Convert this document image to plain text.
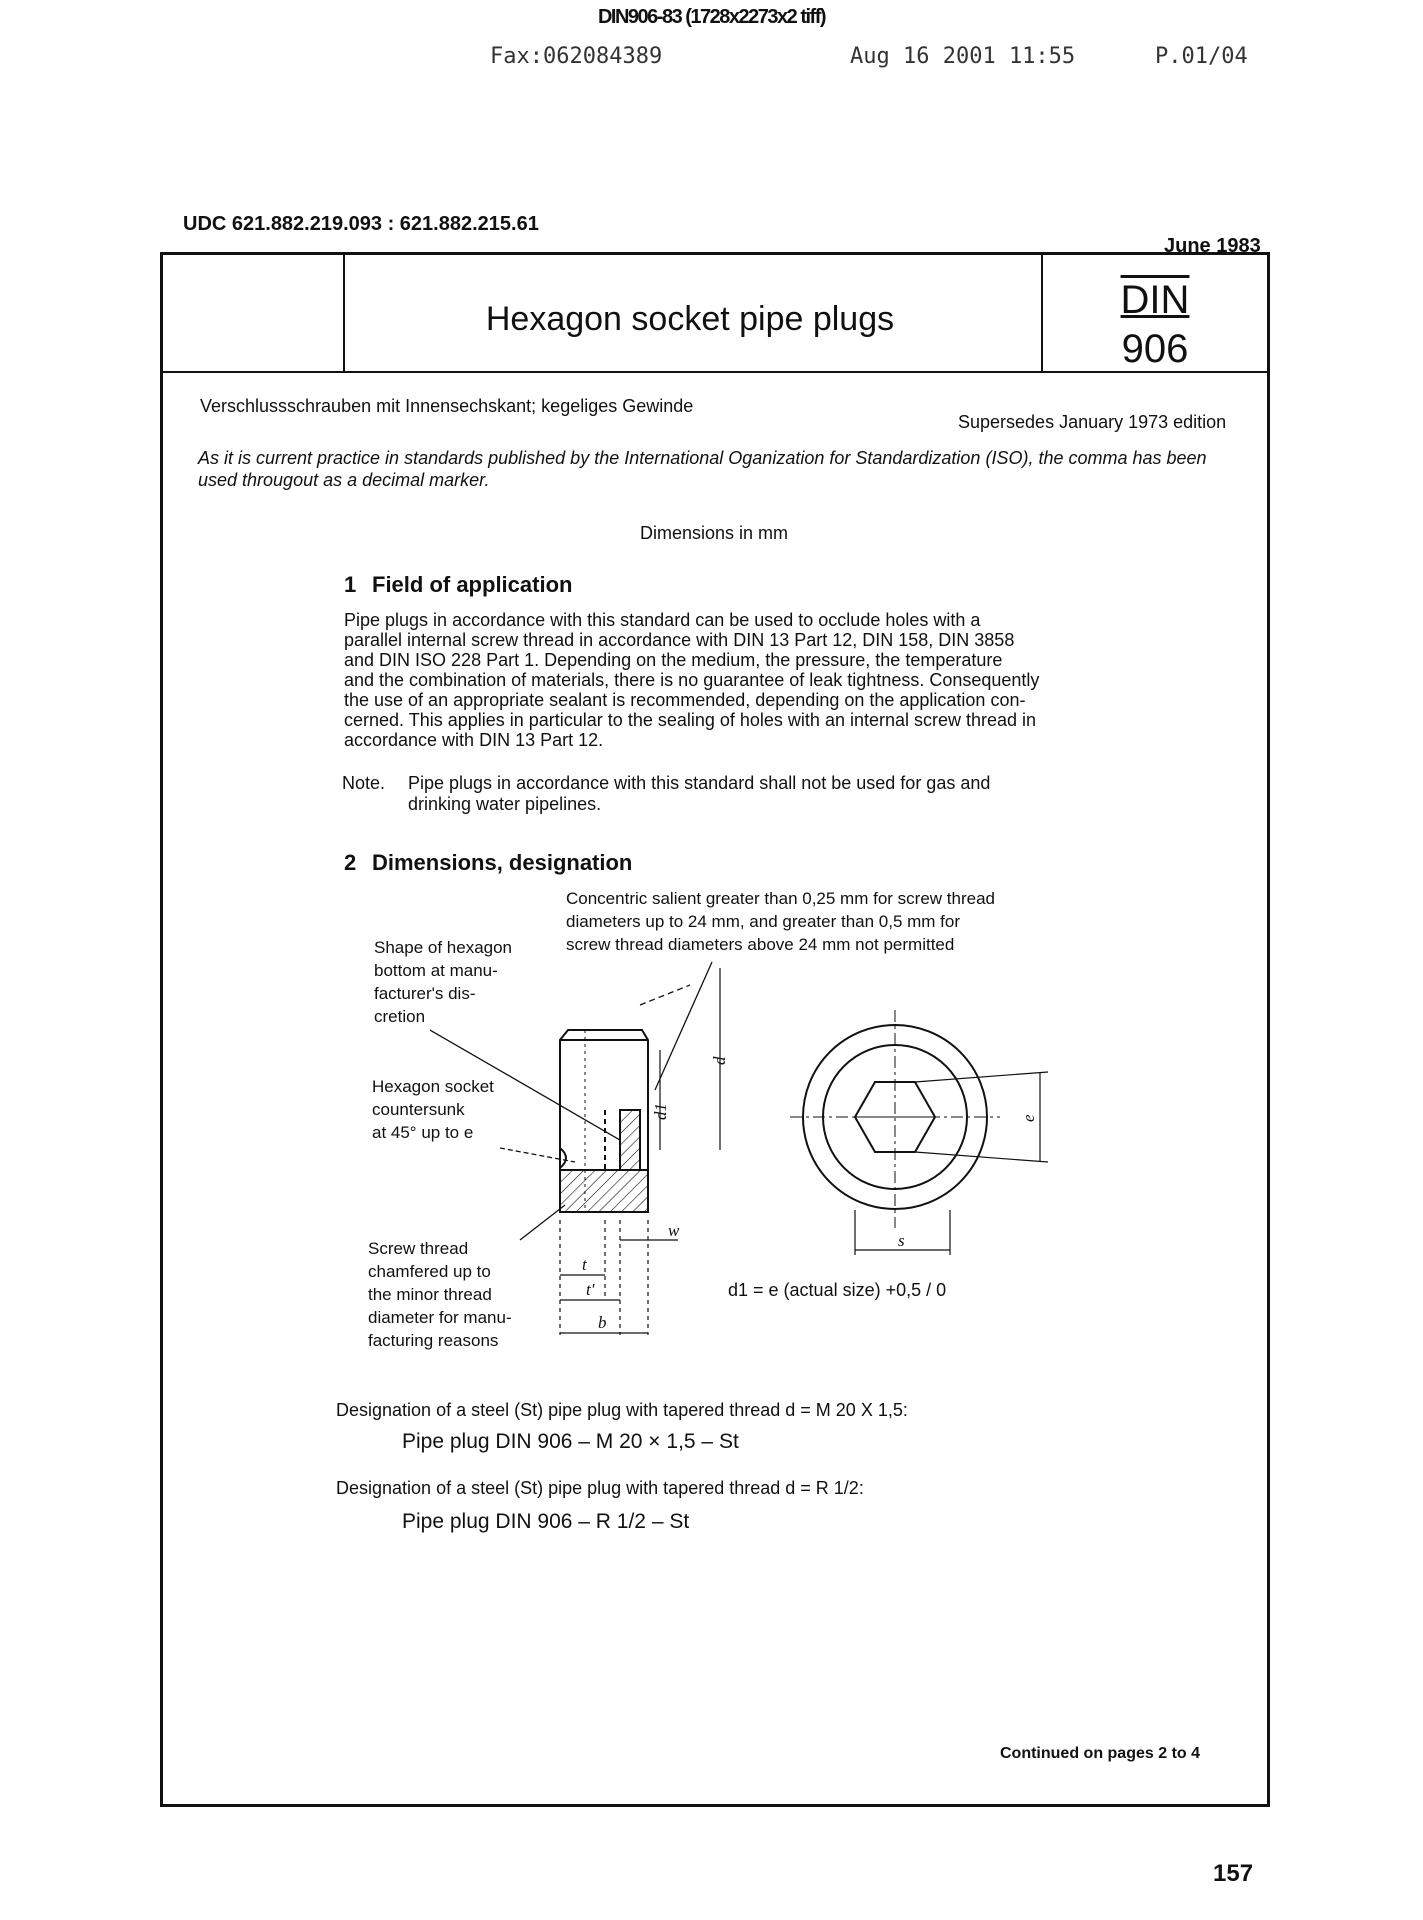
DIN906-83 (1728x2273x2 tiff)
Fax:062084389	Aug 16 2001 11:55	P.01/04
UDC 621.882.219.093 : 621.882.215.61
June 1983
Hexagon socket pipe plugs	DIN
906
Verschlussschrauben mit Innensechskant; kegeliges Gewinde
Supersedes January 1973 edition
As it is current practice in standards published by the International Oganization for Standardization (ISO), the comma has been used througout as a decimal marker.
Dimensions in mm
1 Field of application
Pipe plugs in accordance with this standard can be used to occlude holes with a
parallel internal screw thread in accordance with DIN 13 Part 12, DIN 158, DIN 3858
and DIN ISO 228 Part 1. Depending on the medium, the pressure, the temperature
and the combination of materials, there is no guarantee of leak tightness. Consequently
the use of an appropriate sealant is recommended, depending on the application con-
cerned. This applies in particular to the sealing of holes with an internal screw thread in
accordance with DIN 13 Part 12.
Note. Pipe plugs in accordance with this standard shall not be used for gas and
drinking water pipelines.
2 Dimensions, designation
Concentric salient greater than 0,25 mm for screw thread
diameters up to 24 mm, and greater than 0,5 mm for
screw thread diameters above 24 mm not permitted
Shape of hexagon
bottom at manu-
facturer's dis-
cretion
Hexagon socket
countersunk
at 45° up to e
Screw thread
chamfered up to
the minor thread
diameter for manu-
facturing reasons
d
d1
w
t
t'
b
e
s
d1 = e (actual size) +0,5 / 0
Designation of a steel (St) pipe plug with tapered thread d = M 20 X 1,5:
Pipe plug DIN 906 – M 20 × 1,5 – St
Designation of a steel (St) pipe plug with tapered thread d = R 1/2:
Pipe plug DIN 906 – R 1/2 – St
Continued on pages 2 to 4
157
